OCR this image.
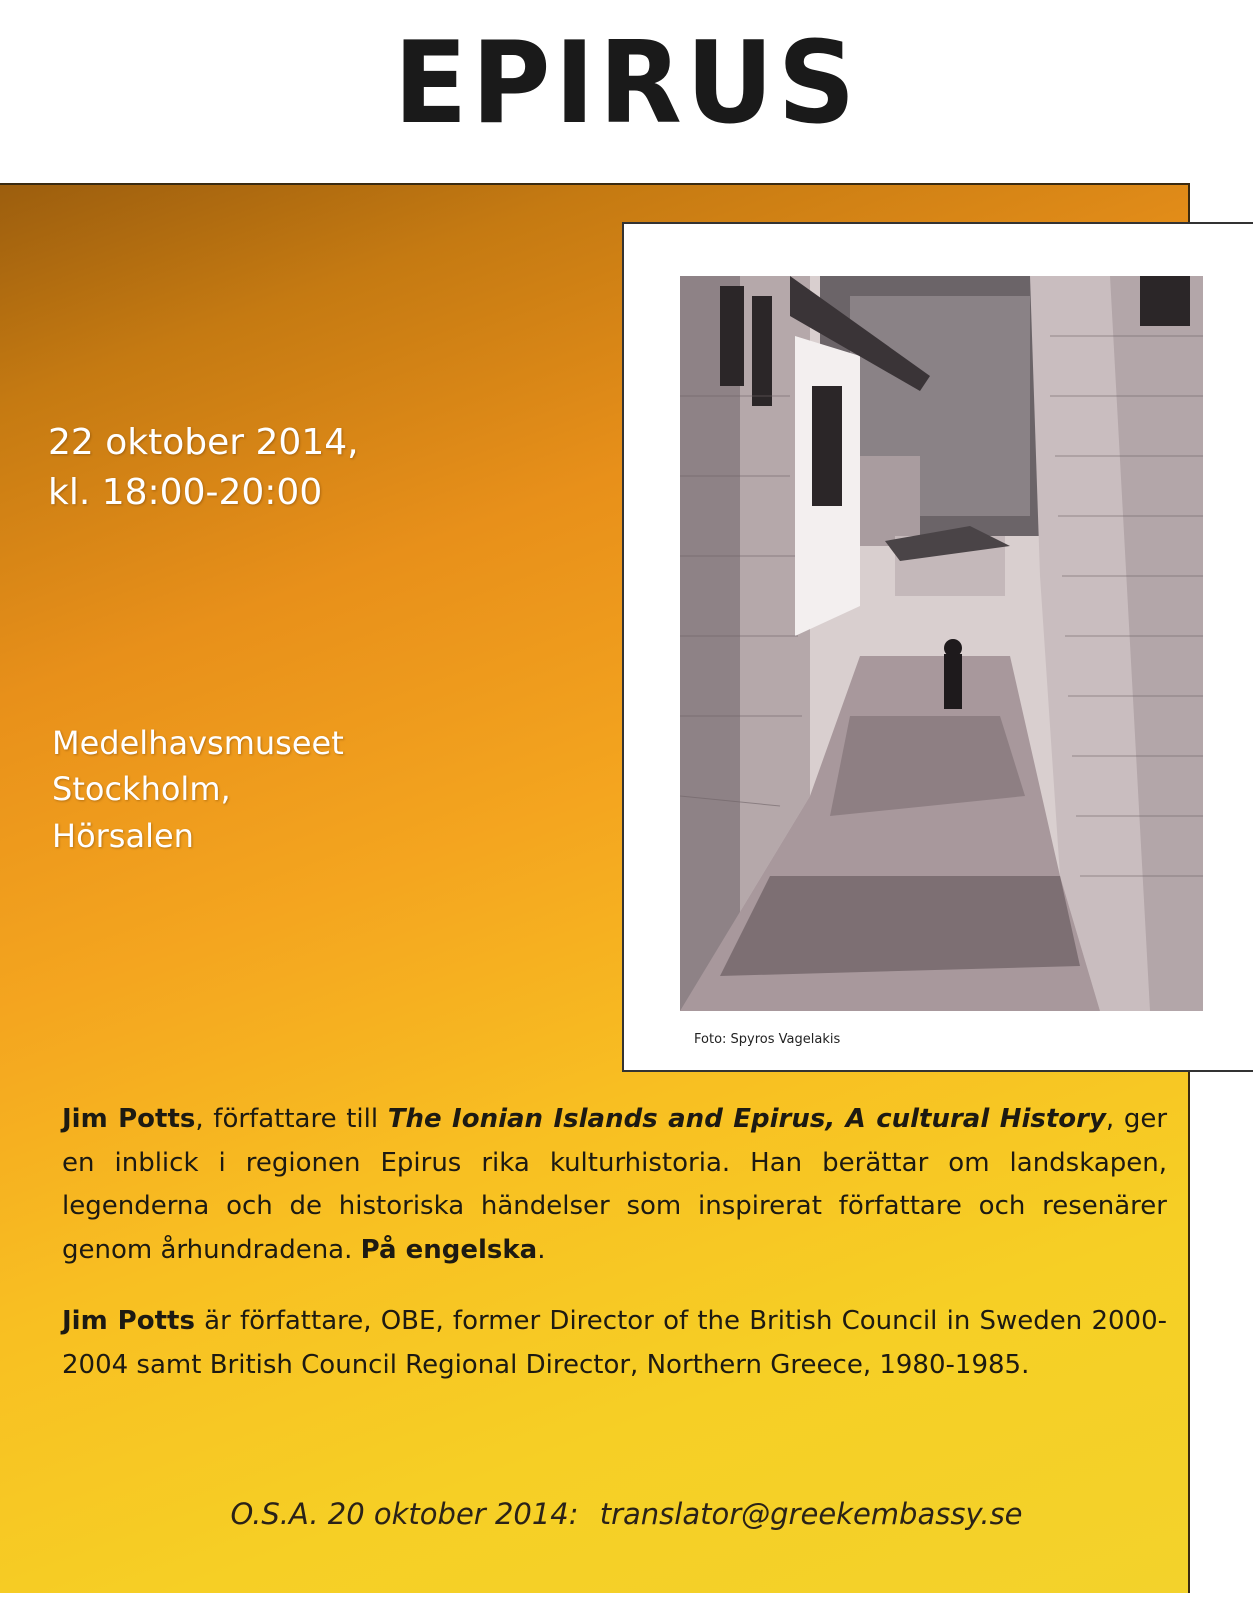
EPIRUS
22 oktober 2014,
kl. 18:00-20:00
Medelhavsmuseet
Stockholm,
Hörsalen
Foto: Spyros Vagelakis
Jim Potts, författare till The Ionian Islands and Epirus, A cultural History, ger en inblick i regionen Epirus rika kulturhistoria. Han berättar om landskapen, legenderna och de historiska händelser som inspirerat författare och resenärer genom århundradena. På engelska.
Jim Potts är författare, OBE, former Director of the British Council in Sweden 2000-2004 samt British Council Regional Director, Northern Greece, 1980-1985.
O.S.A. 20 oktober 2014: translator@greekembassy.se
